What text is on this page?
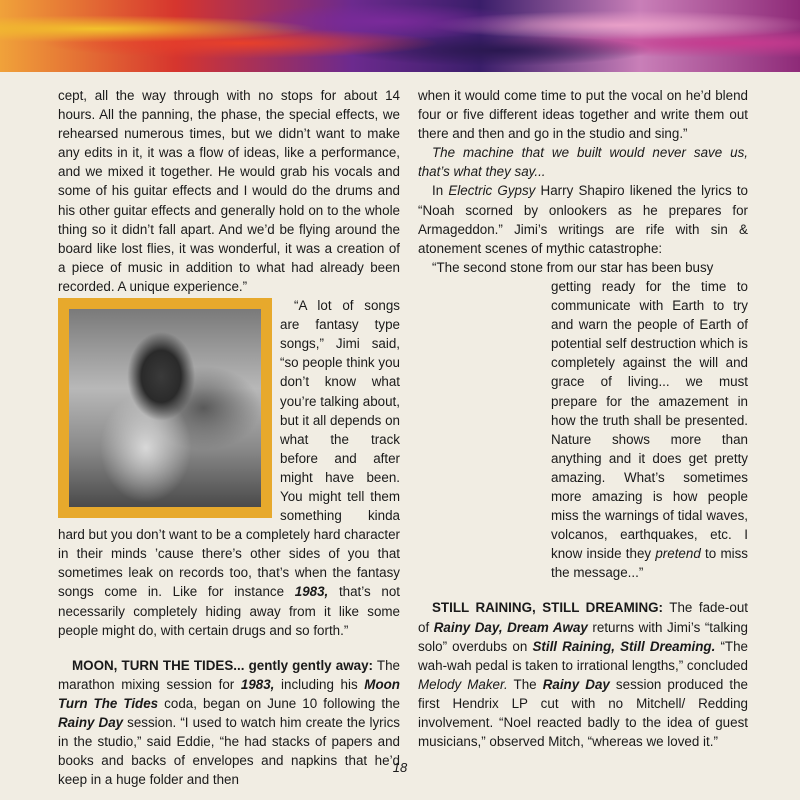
cept, all the way through with no stops for about 14 hours. All the panning, the phase, the special effects, we rehearsed numerous times, but we didn’t want to make any edits in it, it was a flow of ideas, like a performance, and we mixed it together. He would grab his vocals and some of his guitar effects and I would do the drums and his other guitar effects and generally hold on to the whole thing so it didn’t fall apart. And we’d be flying around the board like lost flies, it was wonderful, it was a creation of a piece of music in addition to what had already been recorded. A unique experience.”

“A lot of songs are fantasy type songs,” Jimi said, “so people think you don’t know what you’re talking about, but it all depends on what the track before and after might have been. You might tell them something kinda hard but you don’t want to be a completely hard character in their minds ’cause there’s other sides of you that sometimes leak on records too, that’s when the fantasy songs come in. Like for instance 1983, that’s not necessarily completely hiding away from it like some people might do, with certain drugs and so forth.”

MOON, TURN THE TIDES... gently gently away: The marathon mixing session for 1983, including his Moon Turn The Tides coda, began on June 10 following the Rainy Day session. “I used to watch him create the lyrics in the studio,” said Eddie, “he had stacks of papers and books and backs of envelopes and napkins that he’d keep in a huge folder and then

when it would come time to put the vocal on he’d blend four or five different ideas together and write them out there and then and go in the studio and sing.”

The machine that we built would never save us, that’s what they say...

In Electric Gypsy Harry Shapiro likened the lyrics to “Noah scorned by onlookers as he prepares for Armageddon.” Jimi’s writings are rife with sin & atonement scenes of mythic catastrophe:

“The second stone from our star has been busy

getting ready for the time to communicate with Earth to try and warn the people of Earth of potential self destruction which is completely against the will and grace of living... we must prepare for the amazement in how the truth shall be presented. Nature shows more than anything and it does get pretty amazing. What’s sometimes more amazing is how people miss the warnings of tidal waves, volcanos, earthquakes, etc. I know inside they pretend to miss the message...”

STILL RAINING, STILL DREAMING: The fade-out of Rainy Day, Dream Away returns with Jimi’s “talking solo” overdubs on Still Raining, Still Dreaming. “The wah-wah pedal is taken to irrational lengths,” concluded Melody Maker. The Rainy Day session produced the first Hendrix LP cut with no Mitchell/ Redding involvement. “Noel reacted badly to the idea of guest musicians,” observed Mitch, “whereas we loved it.”

18
